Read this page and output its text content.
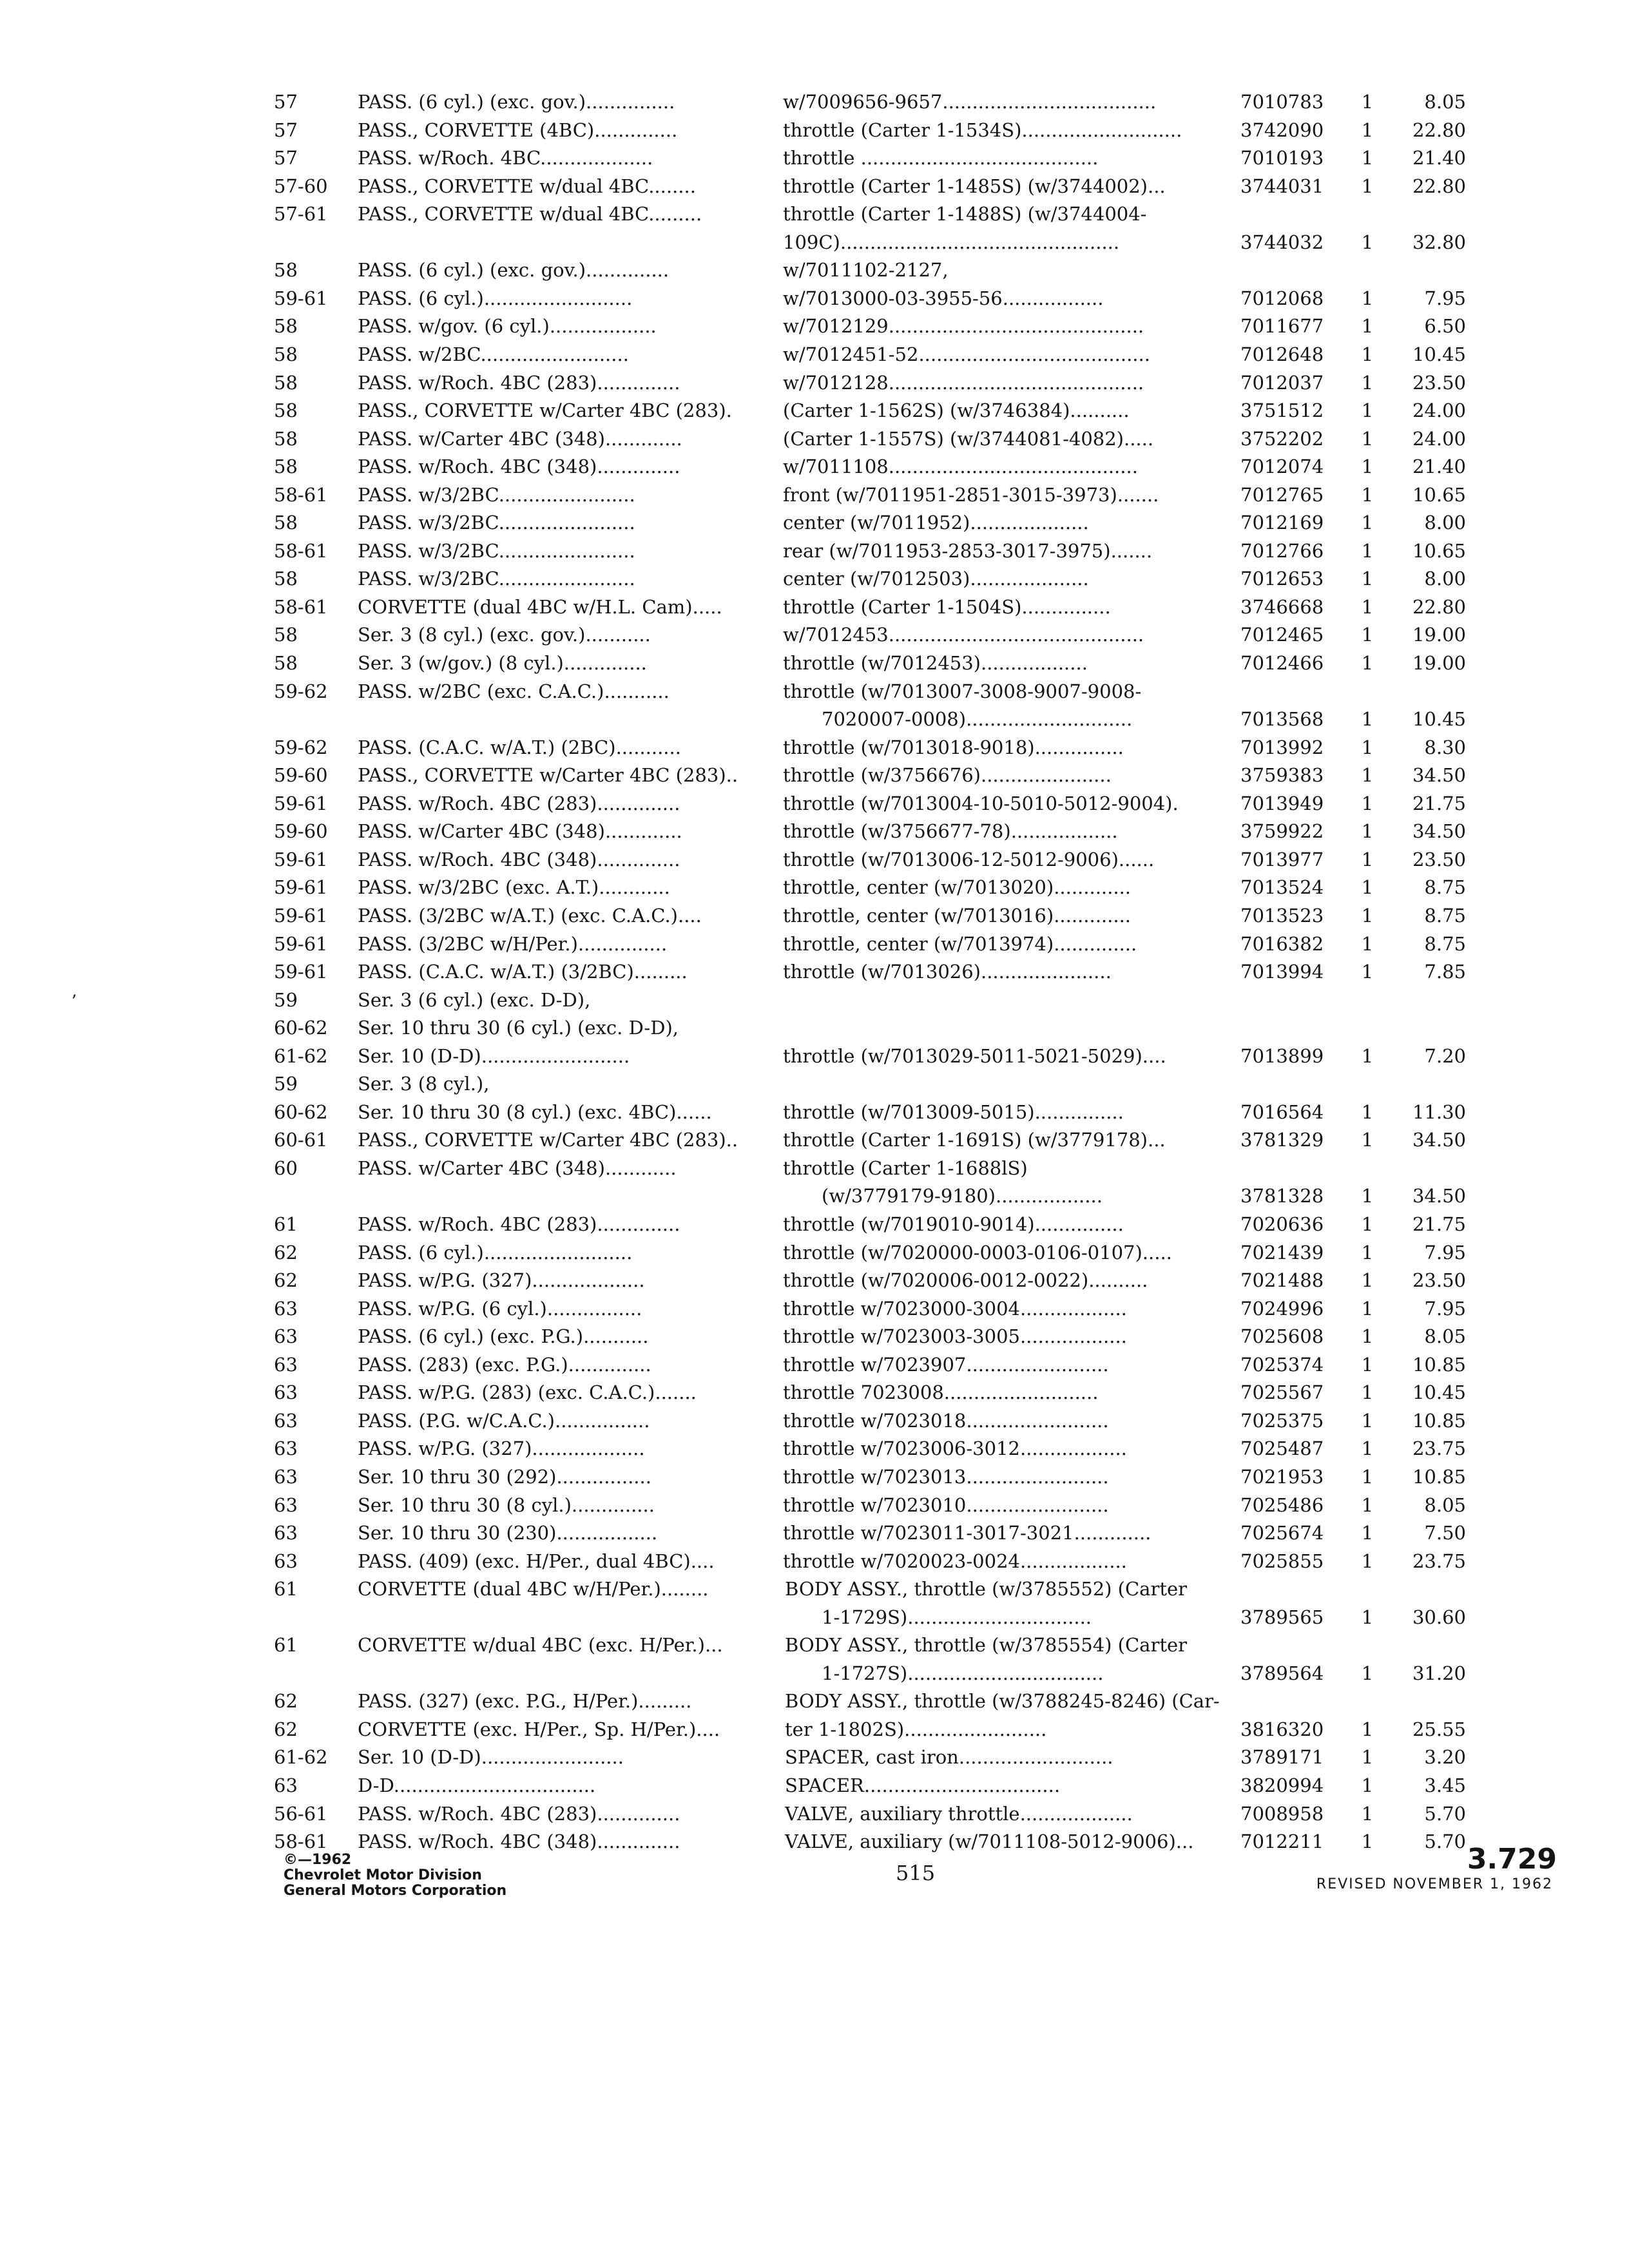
57	PASS. (6 cyl.) (exc. gov.)...............	w/7009656-9657....................................	7010783	1	8.05
57	PASS., CORVETTE (4BC)..............	throttle (Carter 1-1534S)...........................	3742090	1	22.80
57	PASS. w/Roch. 4BC...................	throttle ........................................	7010193	1	21.40
57-60	PASS., CORVETTE w/dual 4BC........	throttle (Carter 1-1485S) (w/3744002)...	3744031	1	22.80
57-61	PASS., CORVETTE w/dual 4BC.........	throttle (Carter 1-1488S) (w/3744004-
109C)...............................................	3744032	1	32.80
58	PASS. (6 cyl.) (exc. gov.)..............	w/7011102-2127,
59-61	PASS. (6 cyl.).........................	w/7013000-03-3955-56.................	7012068	1	7.95
58	PASS. w/gov. (6 cyl.)..................	w/7012129...........................................	7011677	1	6.50
58	PASS. w/2BC.........................	w/7012451-52.......................................	7012648	1	10.45
58	PASS. w/Roch. 4BC (283)..............	w/7012128...........................................	7012037	1	23.50
58	PASS., CORVETTE w/Carter 4BC (283).	(Carter 1-1562S) (w/3746384)..........	3751512	1	24.00
58	PASS. w/Carter 4BC (348).............	(Carter 1-1557S) (w/3744081-4082).....	3752202	1	24.00
58	PASS. w/Roch. 4BC (348)..............	w/7011108..........................................	7012074	1	21.40
58-61	PASS. w/3/2BC.......................	front (w/7011951-2851-3015-3973).......	7012765	1	10.65
58	PASS. w/3/2BC.......................	center (w/7011952)....................	7012169	1	8.00
58-61	PASS. w/3/2BC.......................	rear (w/7011953-2853-3017-3975).......	7012766	1	10.65
58	PASS. w/3/2BC.......................	center (w/7012503)....................	7012653	1	8.00
58-61	CORVETTE (dual 4BC w/H.L. Cam).....	throttle (Carter 1-1504S)...............	3746668	1	22.80
58	Ser. 3 (8 cyl.) (exc. gov.)...........	w/7012453...........................................	7012465	1	19.00
58	Ser. 3 (w/gov.) (8 cyl.)..............	throttle (w/7012453)..................	7012466	1	19.00
59-62	PASS. w/2BC (exc. C.A.C.)...........	throttle (w/7013007-3008-9007-9008-
7020007-0008)............................	7013568	1	10.45
59-62	PASS. (C.A.C. w/A.T.) (2BC)...........	throttle (w/7013018-9018)...............	7013992	1	8.30
59-60	PASS., CORVETTE w/Carter 4BC (283)..	throttle (w/3756676)......................	3759383	1	34.50
59-61	PASS. w/Roch. 4BC (283)..............	throttle (w/7013004-10-5010-5012-9004).	7013949	1	21.75
59-60	PASS. w/Carter 4BC (348).............	throttle (w/3756677-78)..................	3759922	1	34.50
59-61	PASS. w/Roch. 4BC (348)..............	throttle (w/7013006-12-5012-9006)......	7013977	1	23.50
59-61	PASS. w/3/2BC (exc. A.T.)............	throttle, center (w/7013020).............	7013524	1	8.75
59-61	PASS. (3/2BC w/A.T.) (exc. C.A.C.)....	throttle, center (w/7013016).............	7013523	1	8.75
59-61	PASS. (3/2BC w/H/Per.)...............	throttle, center (w/7013974)..............	7016382	1	8.75
59-61	PASS. (C.A.C. w/A.T.) (3/2BC).........	throttle (w/7013026)......................	7013994	1	7.85
59	Ser. 3 (6 cyl.) (exc. D-D),
60-62	Ser. 10 thru 30 (6 cyl.) (exc. D-D),
61-62	Ser. 10 (D-D).........................	throttle (w/7013029-5011-5021-5029)....	7013899	1	7.20
59	Ser. 3 (8 cyl.),
60-62	Ser. 10 thru 30 (8 cyl.) (exc. 4BC)......	throttle (w/7013009-5015)...............	7016564	1	11.30
60-61	PASS., CORVETTE w/Carter 4BC (283)..	throttle (Carter 1-1691S) (w/3779178)...	3781329	1	34.50
60	PASS. w/Carter 4BC (348)............	throttle (Carter 1-1688lS)
(w/3779179-9180)..................	3781328	1	34.50
61	PASS. w/Roch. 4BC (283)..............	throttle (w/7019010-9014)...............	7020636	1	21.75
62	PASS. (6 cyl.).........................	throttle (w/7020000-0003-0106-0107).....	7021439	1	7.95
62	PASS. w/P.G. (327)...................	throttle (w/7020006-0012-0022)..........	7021488	1	23.50
63	PASS. w/P.G. (6 cyl.)................	throttle w/7023000-3004..................	7024996	1	7.95
63	PASS. (6 cyl.) (exc. P.G.)...........	throttle w/7023003-3005..................	7025608	1	8.05
63	PASS. (283) (exc. P.G.)..............	throttle w/7023907........................	7025374	1	10.85
63	PASS. w/P.G. (283) (exc. C.A.C.).......	throttle 7023008..........................	7025567	1	10.45
63	PASS. (P.G. w/C.A.C.)................	throttle w/7023018........................	7025375	1	10.85
63	PASS. w/P.G. (327)...................	throttle w/7023006-3012..................	7025487	1	23.75
63	Ser. 10 thru 30 (292)................	throttle w/7023013........................	7021953	1	10.85
63	Ser. 10 thru 30 (8 cyl.)..............	throttle w/7023010........................	7025486	1	8.05
63	Ser. 10 thru 30 (230).................	throttle w/7023011-3017-3021.............	7025674	1	7.50
63	PASS. (409) (exc. H/Per., dual 4BC)....	throttle w/7020023-0024..................	7025855	1	23.75
61	CORVETTE (dual 4BC w/H/Per.)........	BODY ASSY., throttle (w/3785552) (Carter
1-1729S)...............................	3789565	1	30.60
61	CORVETTE w/dual 4BC (exc. H/Per.)...	BODY ASSY., throttle (w/3785554) (Carter
1-1727S).................................	3789564	1	31.20
62	PASS. (327) (exc. P.G., H/Per.).........	BODY ASSY., throttle (w/3788245-8246) (Car-
62	CORVETTE (exc. H/Per., Sp. H/Per.)....	ter 1-1802S)........................	3816320	1	25.55
61-62	Ser. 10 (D-D)........................	SPACER, cast iron..........................	3789171	1	3.20
63	D-D..................................	SPACER.................................	3820994	1	3.45
56-61	PASS. w/Roch. 4BC (283)..............	VALVE, auxiliary throttle...................	7008958	1	5.70
58-61	PASS. w/Roch. 4BC (348)..............	VALVE, auxiliary (w/7011108-5012-9006)...	7012211	1	5.70
ʼ
©—1962
Chevrolet Motor Division
General Motors Corporation
515	3.729
REVISED NOVEMBER 1, 1962
